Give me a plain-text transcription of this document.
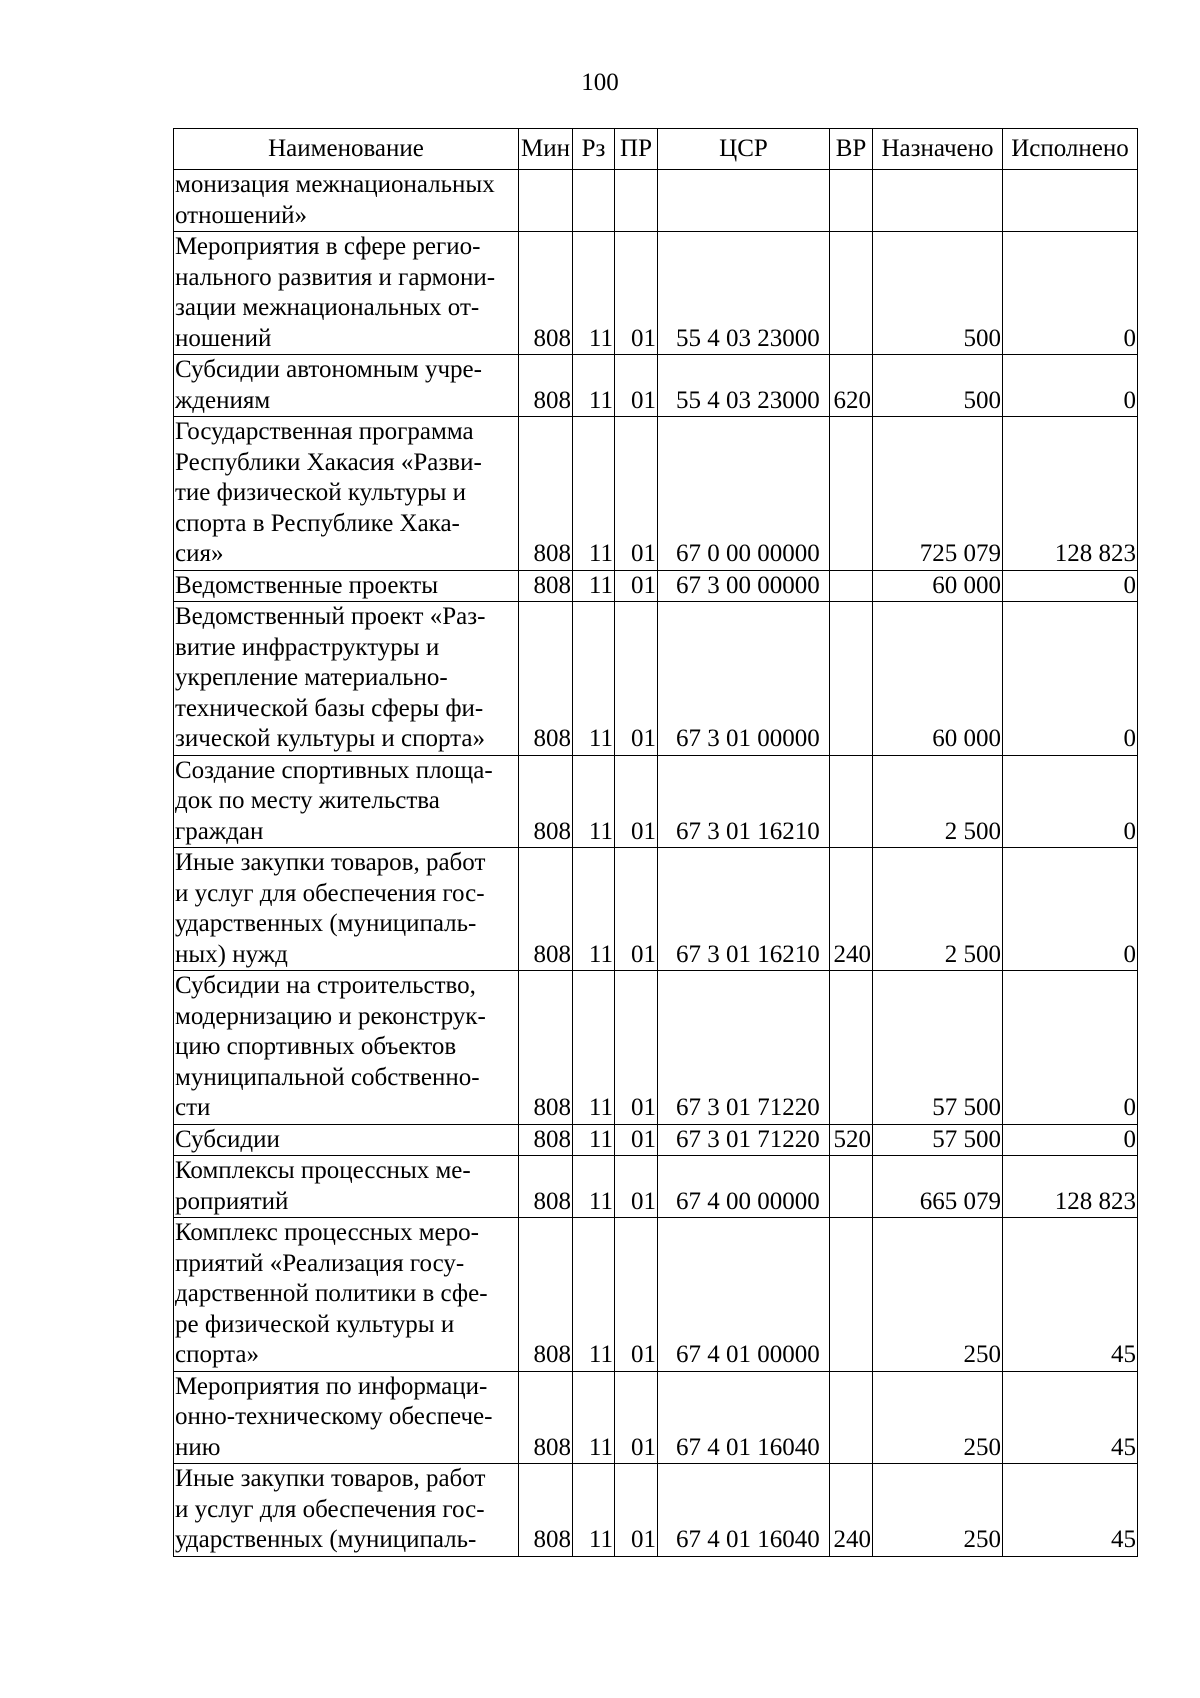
100
Наименование	Мин	Рз	ПР	ЦСР	ВР	Назначено	Исполнено
монизация межнациональных
отношений»							
Мероприятия в сфере регио-
нального развития и гармони-
зации межнациональных от-
ношений	808	11	01	55 4 03 23000		500	0
Субсидии автономным учре-
ждениям	808	11	01	55 4 03 23000	620	500	0
Государственная программа
Республики Хакасия «Разви-
тие физической культуры и
спорта в Республике Хака-
сия»	808	11	01	67 0 00 00000		725 079	128 823
Ведомственные проекты	808	11	01	67 3 00 00000		60 000	0
Ведомственный проект «Раз-
витие инфраструктуры и
укрепление материально-
технической базы сферы фи-
зической культуры и спорта»	808	11	01	67 3 01 00000		60 000	0
Создание спортивных площа-
док по месту жительства
граждан	808	11	01	67 3 01 16210		2 500	0
Иные закупки товаров, работ
и услуг для обеспечения гос-
ударственных (муниципаль-
ных) нужд	808	11	01	67 3 01 16210	240	2 500	0
Субсидии на строительство,
модернизацию и реконструк-
цию спортивных объектов
муниципальной собственно-
сти	808	11	01	67 3 01 71220		57 500	0
Субсидии	808	11	01	67 3 01 71220	520	57 500	0
Комплексы процессных ме-
роприятий	808	11	01	67 4 00 00000		665 079	128 823
Комплекс процессных меро-
приятий «Реализация госу-
дарственной политики в сфе-
ре физической культуры и
спорта»	808	11	01	67 4 01 00000		250	45
Мероприятия по информаци-
онно-техническому обеспече-
нию	808	11	01	67 4 01 16040		250	45
Иные закупки товаров, работ
и услуг для обеспечения гос-
ударственных (муниципаль-	808	11	01	67 4 01 16040	240	250	45
